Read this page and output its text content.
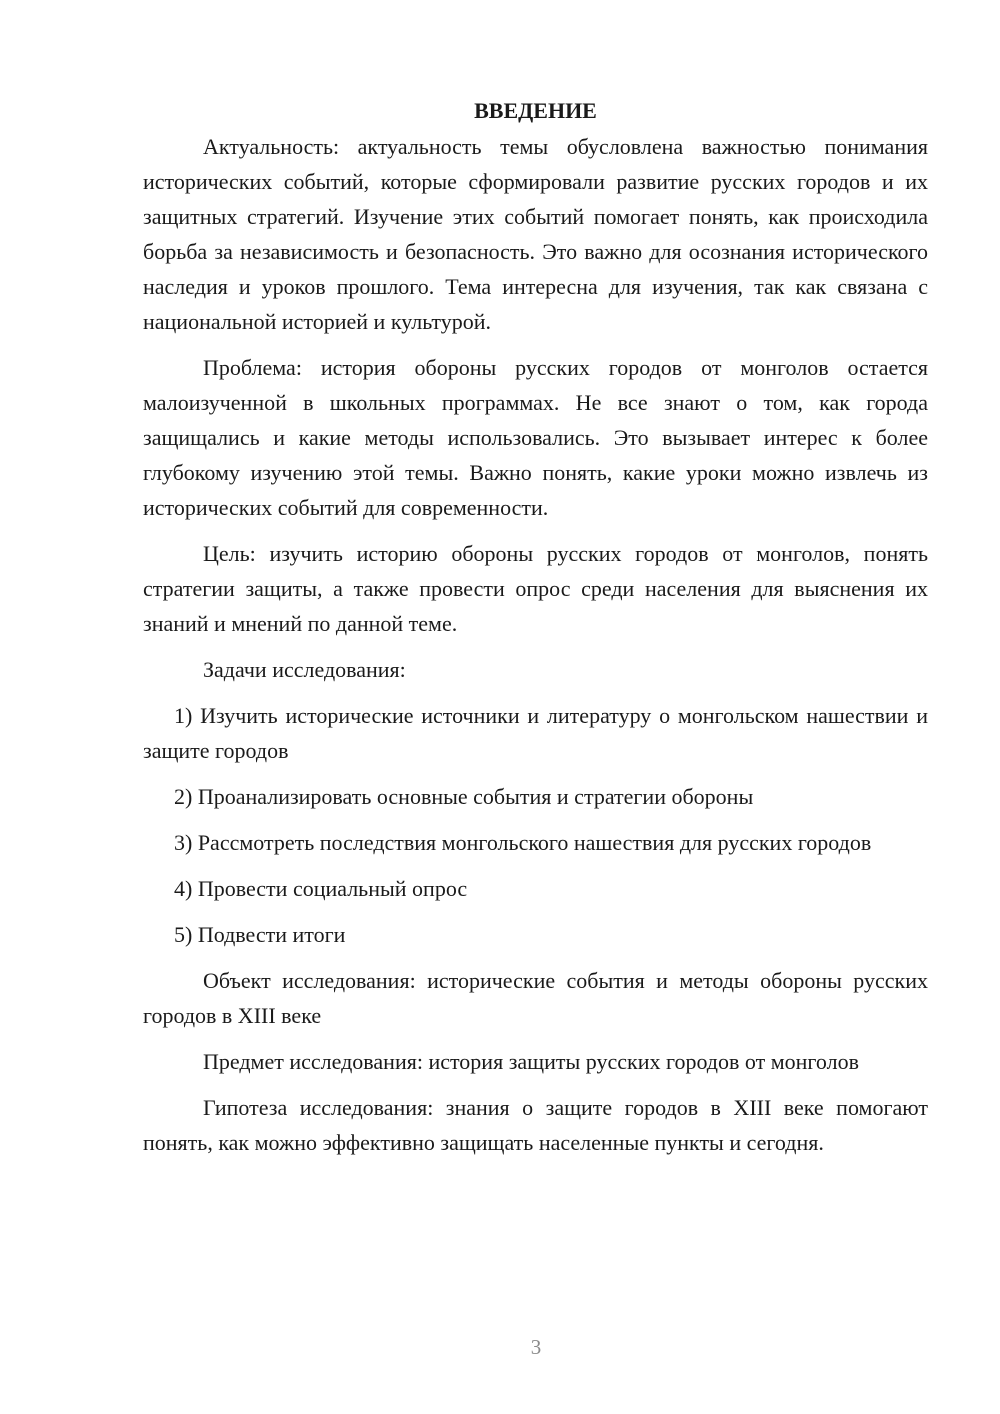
ВВЕДЕНИЕ

Актуальность: актуальность темы обусловлена важностью понимания исторических событий, которые сформировали развитие русских городов и их защитных стратегий. Изучение этих событий помогает понять, как происходила борьба за независимость и безопасность. Это важно для осознания исторического наследия и уроков прошлого. Тема интересна для изучения, так как связана с национальной историей и культурой.

Проблема: история обороны русских городов от монголов остается малоизученной в школьных программах. Не все знают о том, как города защищались и какие методы использовались. Это вызывает интерес к более глубокому изучению этой темы. Важно понять, какие уроки можно извлечь из исторических событий для современности.

Цель: изучить историю обороны русских городов от монголов, понять стратегии защиты, а также провести опрос среди населения для выяснения их знаний и мнений по данной теме.

Задачи исследования:

1) Изучить исторические источники и литературу о монгольском нашествии и защите городов

2) Проанализировать основные события и стратегии обороны

3) Рассмотреть последствия монгольского нашествия для русских городов

4) Провести социальный опрос

5) Подвести итоги

Объект исследования: исторические события и методы обороны русских городов в XIII веке

Предмет исследования: история защиты русских городов от монголов

Гипотеза исследования: знания о защите городов в XIII веке помогают понять, как можно эффективно защищать населенные пункты и сегодня.

3
